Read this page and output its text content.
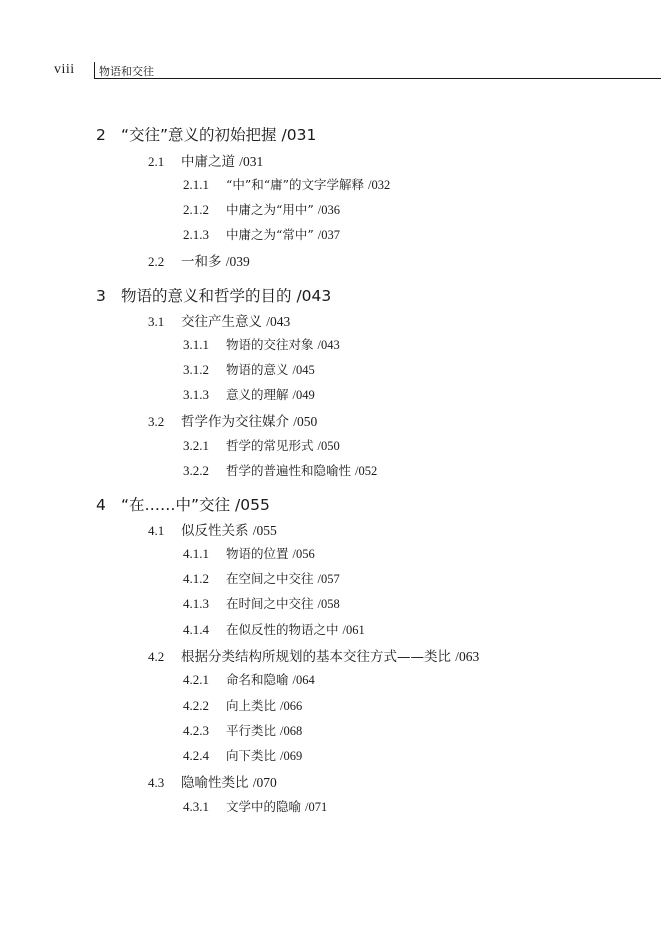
viii 物语和交往
2 “交往”意义的初始把握 /031
2.1 中庸之道 /031
2.1.1 “中”和“庸”的文字学解释 /032
2.1.2 中庸之为“用中” /036
2.1.3 中庸之为“常中” /037
2.2 一和多 /039
3 物语的意义和哲学的目的 /043
3.1 交往产生意义 /043
3.1.1 物语的交往对象 /043
3.1.2 物语的意义 /045
3.1.3 意义的理解 /049
3.2 哲学作为交往媒介 /050
3.2.1 哲学的常见形式 /050
3.2.2 哲学的普遍性和隐喻性 /052
4 “在……中”交往 /055
4.1 似反性关系 /055
4.1.1 物语的位置 /056
4.1.2 在空间之中交往 /057
4.1.3 在时间之中交往 /058
4.1.4 在似反性的物语之中 /061
4.2 根据分类结构所规划的基本交往方式——类比 /063
4.2.1 命名和隐喻 /064
4.2.2 向上类比 /066
4.2.3 平行类比 /068
4.2.4 向下类比 /069
4.3 隐喻性类比 /070
4.3.1 文学中的隐喻 /071
